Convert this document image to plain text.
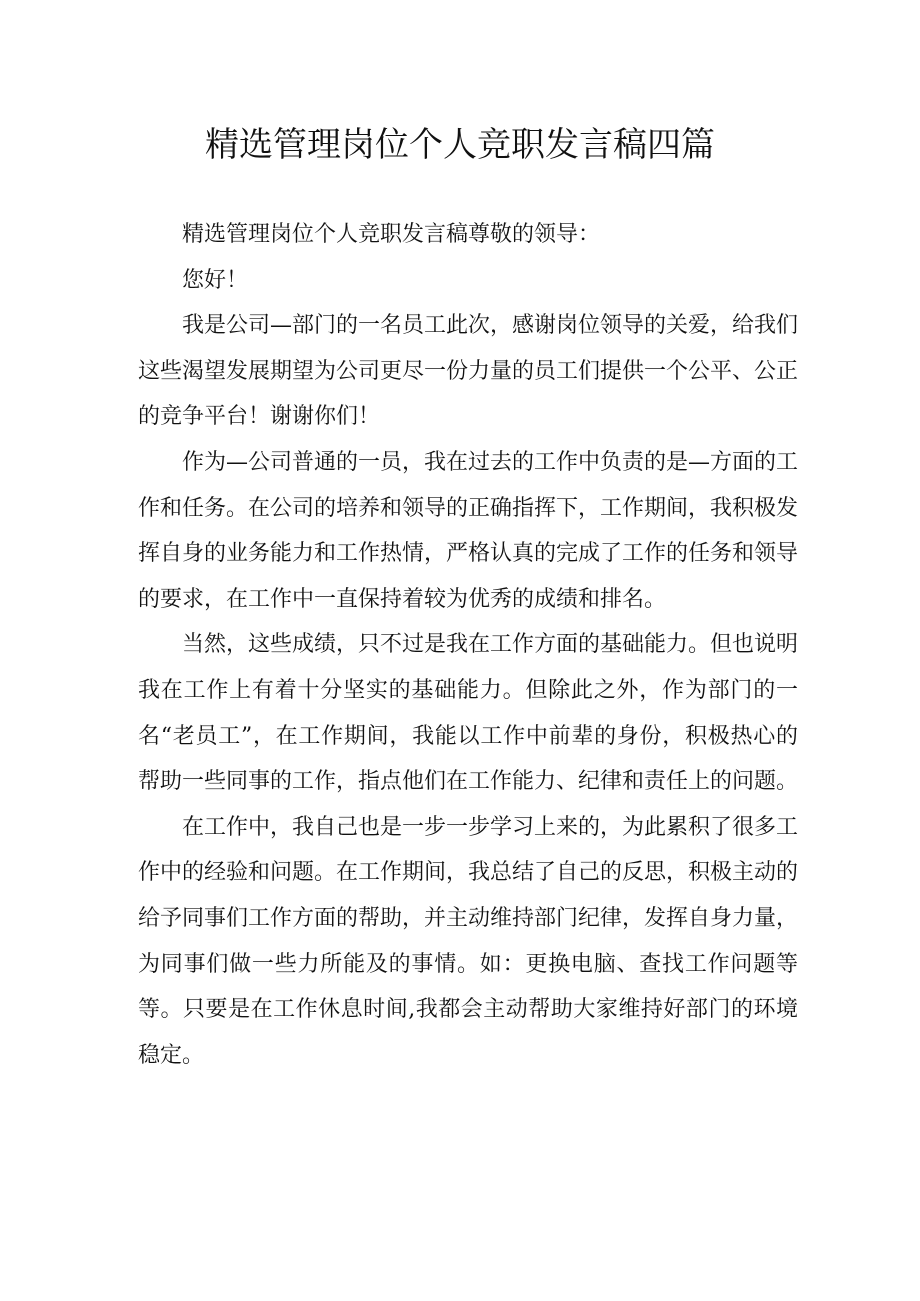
精选管理岗位个人竞职发言稿四篇

精选管理岗位个人竞职发言稿尊敬的领导：

您好！

我是公司—部门的一名员工此次，感谢岗位领导的关爱，给我们这些渴望发展期望为公司更尽一份力量的员工们提供一个公平、公正的竞争平台！谢谢你们！

作为—公司普通的一员，我在过去的工作中负责的是—方面的工作和任务。在公司的培养和领导的正确指挥下，工作期间，我积极发挥自身的业务能力和工作热情，严格认真的完成了工作的任务和领导的要求，在工作中一直保持着较为优秀的成绩和排名。

当然，这些成绩，只不过是我在工作方面的基础能力。但也说明我在工作上有着十分坚实的基础能力。但除此之外，作为部门的一名“老员工”，在工作期间，我能以工作中前辈的身份，积极热心的帮助一些同事的工作，指点他们在工作能力、纪律和责任上的问题。

在工作中，我自己也是一步一步学习上来的，为此累积了很多工作中的经验和问题。在工作期间，我总结了自己的反思，积极主动的给予同事们工作方面的帮助，并主动维持部门纪律，发挥自身力量，为同事们做一些力所能及的事情。如：更换电脑、查找工作问题等等。只要是在工作休息时间,我都会主动帮助大家维持好部门的环境稳定。
